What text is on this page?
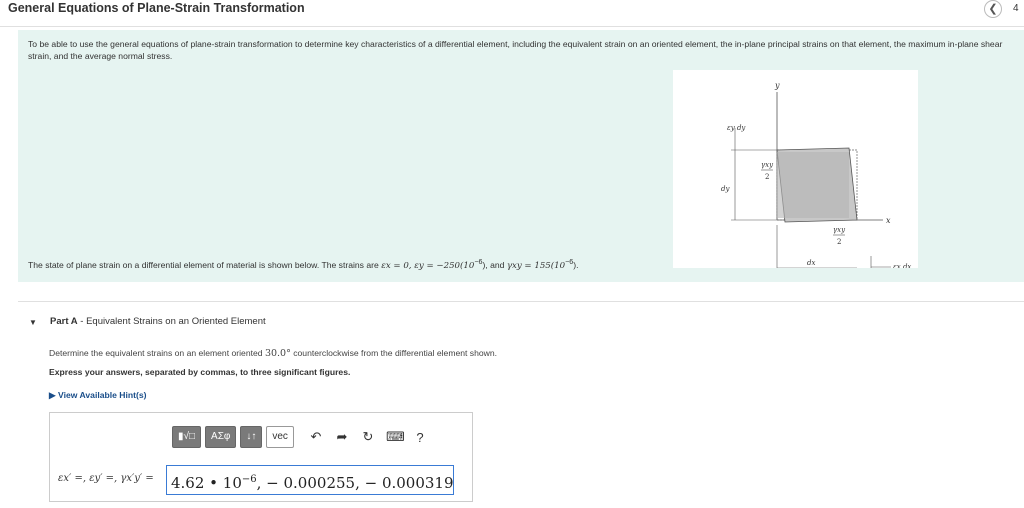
General Equations of Plane-Strain Transformation	❮	4
To be able to use the general equations of plane-strain transformation to determine key characteristics of a differential element, including the equivalent strain on an oriented element, the in-plane principal strains on that element, the maximum in-plane shear strain, and the average normal stress.
The state of plane strain on a differential element of material is shown below. The strains are εx = 0, $\varepsilon y = -250(10^{-6})$, and $\gamma xy = 155(10^{-6})$.
y
x
εy dy
dy
dx	εx dx
γxy
2
γxy
2
▼ Part A - Equivalent Strains on an Oriented Element
Determine the equivalent strains on an element oriented 30.0° counterclockwise from the differential element shown.
Express your answers, separated by commas, to three significant figures.
▶ View Available Hint(s)
▮√□	ΑΣφ	↓↑	vec	↶ ➦ ↻ ⌨ ?
εx′ =, εy′ =, γx′y′ =	4.62 • $10^{-6}$, − 0.000255, − 0.000319
